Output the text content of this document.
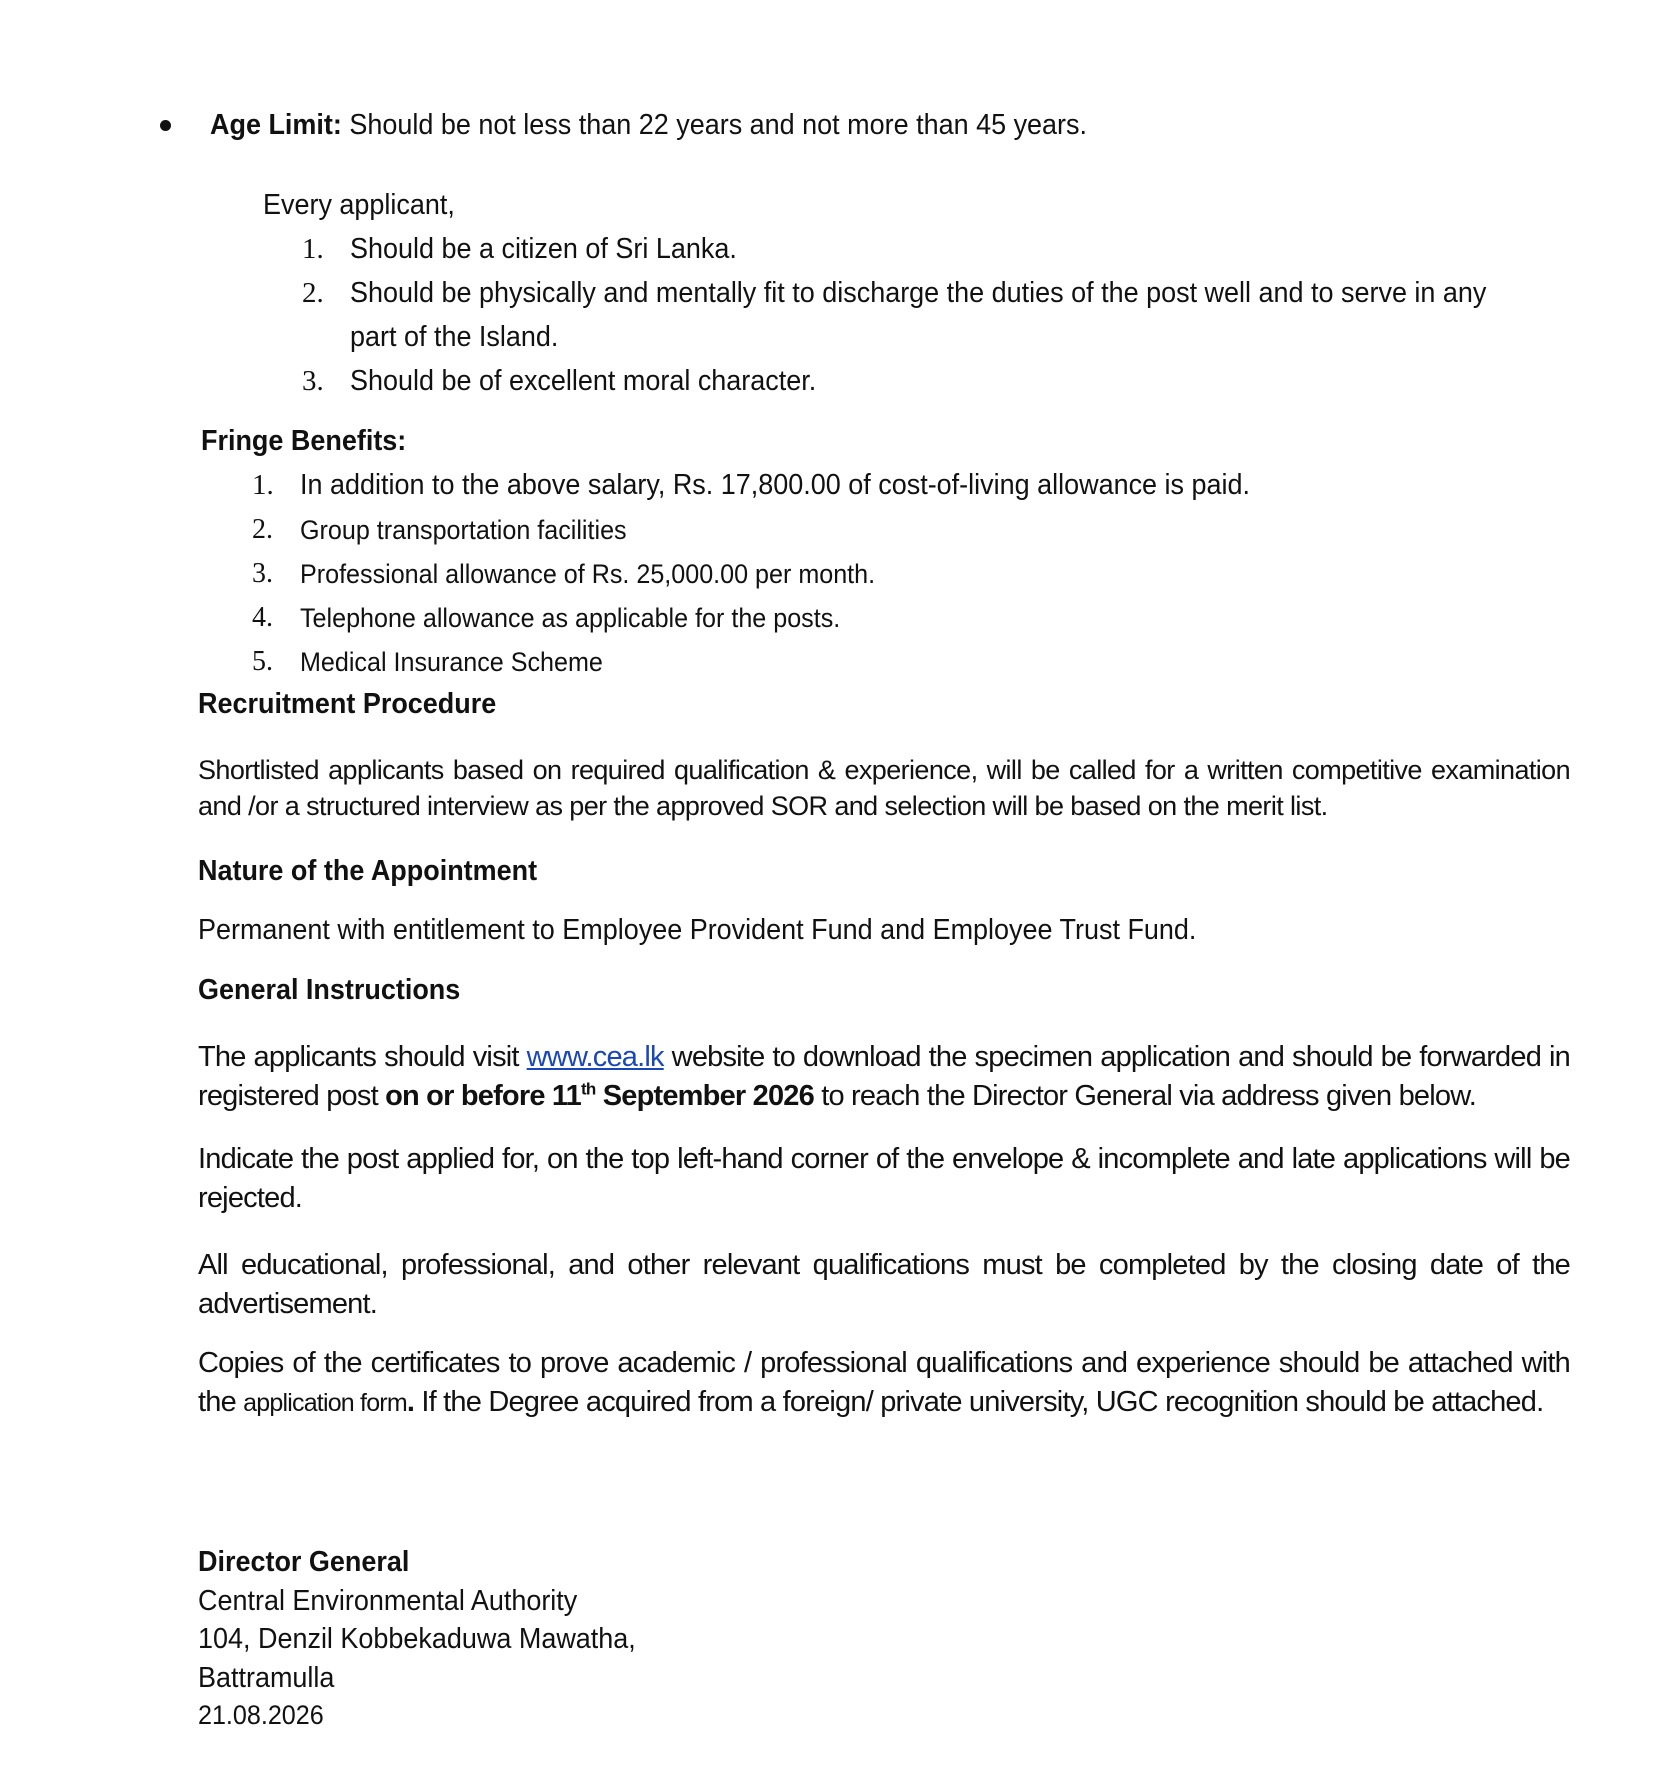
Age Limit: Should be not less than 22 years and not more than 45 years.
Every applicant,
1. Should be a citizen of Sri Lanka.
2. Should be physically and mentally fit to discharge the duties of the post well and to serve in any
part of the Island.
3. Should be of excellent moral character.
Fringe Benefits:
1. In addition to the above salary, Rs. 17,800.00 of cost-of-living allowance is paid.
2. Group transportation facilities
3. Professional allowance of Rs. 25,000.00 per month.
4. Telephone allowance as applicable for the posts.
5. Medical Insurance Scheme
Recruitment Procedure
Shortlisted applicants based on required qualification & experience, will be called for a written competitive examination and /or a structured interview as per the approved SOR and selection will be based on the merit list.
Nature of the Appointment
Permanent with entitlement to Employee Provident Fund and Employee Trust Fund.
General Instructions
The applicants should visit www.cea.lk website to download the specimen application and should be forwarded in registered post on or before 11th September 2026 to reach the Director General via address given below.
Indicate the post applied for, on the top left-hand corner of the envelope & incomplete and late applications will be rejected.
All educational, professional, and other relevant qualifications must be completed by the closing date of the advertisement.
Copies of the certificates to prove academic / professional qualifications and experience should be attached with the application form. If the Degree acquired from a foreign/ private university, UGC recognition should be attached.
Director General
Central Environmental Authority
104, Denzil Kobbekaduwa Mawatha,
Battramulla
21.08.2026
